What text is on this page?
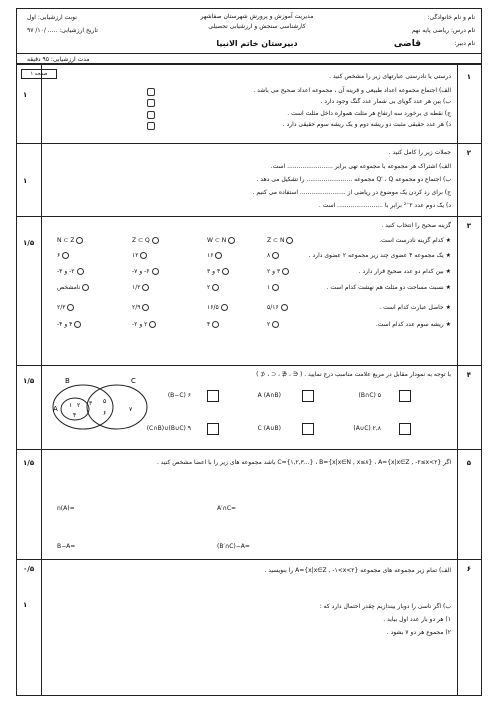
نام و نام خانوادگی:
نام درس: ریاضی پایه نهم
نام دبیر:
قاضی
مدیریت آموزش و پرورش شهرستان صفاشهر
کارشناسی سنجش و ارزشیابی تحصیلی
دبیرستان خاتم الانبیا
نوبت ارزشیابی: اول
تاریخ ارزشیابی: ..... /۱۰/ ۹۷
مدت ارزشیابی: ۹۵ دقیقه
صفحه ۱	۱
۱
درستی یا نادرستی عبارتهای زیر را مشخص کنید .
الف) اجتماع مجموعه اعداد طبیعی و قرینه آن ، مجموعه اعداد صحیح می باشد .
ب) بین هر عدد گویای بی شمار عدد گنگ وجود دارد .
ج) نقطه ی برخورد سه ارتفاع هر مثلث همواره داخل مثلث است .
د) هر عدد حقیقی مثبت دو ریشه دوم و یک ریشه سوم حقیقی دارد .
۲
۱
جملات زیر را کامل کنید .
الف) اشتراک هر مجموعه با مجموعه تهی برابر ........................ است.
ب) اجتماع دو مجموعه Q' ، Q مجموعه ........................ را تشکیل می دهد .
ج) برای رد کردن یک موضوع در ریاضی از ........................ استفاده می کنیم .
د) یک دوم عدد ۲⁻² برابر با ........................ است .
۳
۱/۵
گزینه صحیح را انتخاب کنید .
★ کدام گزینه نادرست است.
Z ⊂ N
W ⊂ N
Z ⊂ Q
N ⊂ Z
★ یک مجموعه ۴ عضوی چند زیر مجموعه ۲ عضوی دارد .
۸
۱۶
۱۲
۶
★ بین کدام دو عدد صحیح قرار دارد .
۳ و ۲
۴ و ۳
۶- و ۷-
۲- و ۳-
★ نسبت مساحت دو مثلث هم نهشت کدام است .
۱
۲
۱/۲
نامشخص
★ حاصل عبارت کدام است .
۵/۱۶
۱۶/۵
۲/۹
۲/۳
★ ریشه سوم عدد کدام است.
۲
۴
۲ و ۲-
۴ و ۴-
۴
۱/۵
با توجه به نمودار مقابل در مربع علامت مناسب درج نمایید . ( ∈ ، ∉ ، ⊂ ، ⊄ )
B	C
A ۱ ۲
۴
۳ ۵
۶
۷
۵ (B∩C)
(A∩B) A
۶ (B−C)
۲,۸ (A∪C)
(A∪B) C
۹ (B∪C)∪(C∩B)
۵
۱/۵	اگر C={۱,۲,۳...} ، B={x|x∈N , x≤۸} ، A={x|x∈Z , -۲≤x<۲} باشد مجموعه های زیر را با اعضا مشخص کنید .
n(A)=	A′∩C=
B−A=	(B′∩C)−A=
۶
۰/۵
۱
الف) تمام زیر مجموعه های مجموعه A={x|x∈Z , -۱<x<۲} را بنویسید .
ب) اگر تاسی را دوبار بیندازیم چقدر احتمال دارد که :
۱) هر دو بار عدد اول بیاید .
۲) مجموع هر دو ۷ بشود .
